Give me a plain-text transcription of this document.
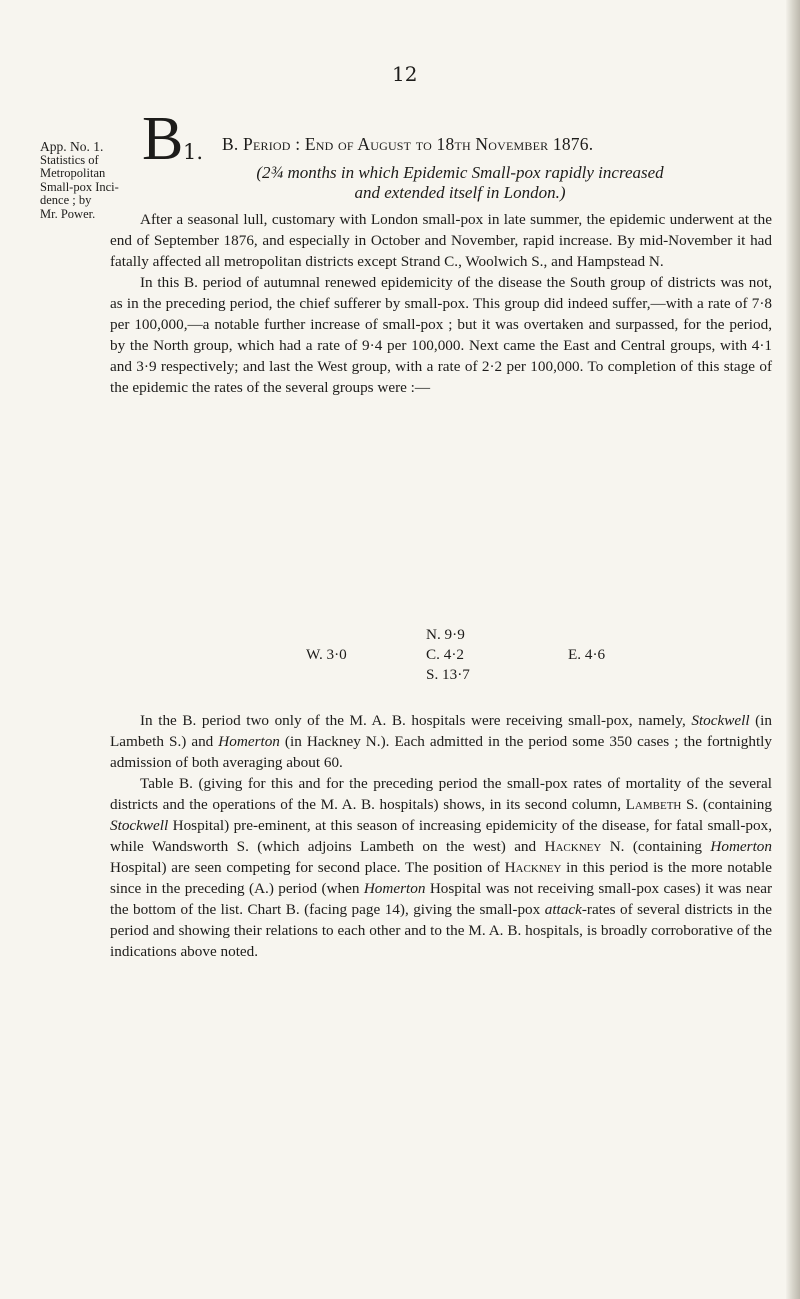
12
App. No. 1.
Statistics of
Metropolitan
Small-pox Inci-
dence ; by
Mr. Power.
B 1. B. Period : End of August to 18th November 1876.
(2¾ months in which Epidemic Small-pox rapidly increased
and extended itself in London.)

After a seasonal lull, customary with London small-pox in late summer, the epidemic underwent at the end of September 1876, and especially in October and November, rapid increase. By mid-November it had fatally affected all metropolitan districts except Strand C., Woolwich S., and Hampstead N.

In this B. period of autumnal renewed epidemicity of the disease the South group of districts was not, as in the preceding period, the chief sufferer by small-pox. This group did indeed suffer,—with a rate of 7·8 per 100,000,—a notable further increase of small-pox ; but it was overtaken and surpassed, for the period, by the North group, which had a rate of 9·4 per 100,000. Next came the East and Central groups, with 4·1 and 3·9 respectively; and last the West group, with a rate of 2·2 per 100,000. To completion of this stage of the epidemic the rates of the several groups were :—

N. 9·9
W. 3·0	C. 4·2	E. 4·6
S. 13·7

In the B. period two only of the M. A. B. hospitals were receiving small-pox, namely, Stockwell (in Lambeth S.) and Homerton (in Hackney N.). Each admitted in the period some 350 cases ; the fortnightly admission of both averaging about 60.

Table B. (giving for this and for the preceding period the small-pox rates of mortality of the several districts and the operations of the M. A. B. hospitals) shows, in its second column, Lambeth S. (containing Stockwell Hospital) pre-eminent, at this season of increasing epidemicity of the disease, for fatal small-pox, while Wandsworth S. (which adjoins Lambeth on the west) and Hackney N. (containing Homerton Hospital) are seen competing for second place. The position of Hackney in this period is the more notable since in the preceding (A.) period (when Homerton Hospital was not receiving small-pox cases) it was near the bottom of the list. Chart B. (facing page 14), giving the small-pox attack-rates of several districts in the period and showing their relations to each other and to the M. A. B. hospitals, is broadly corroborative of the indications above noted.
